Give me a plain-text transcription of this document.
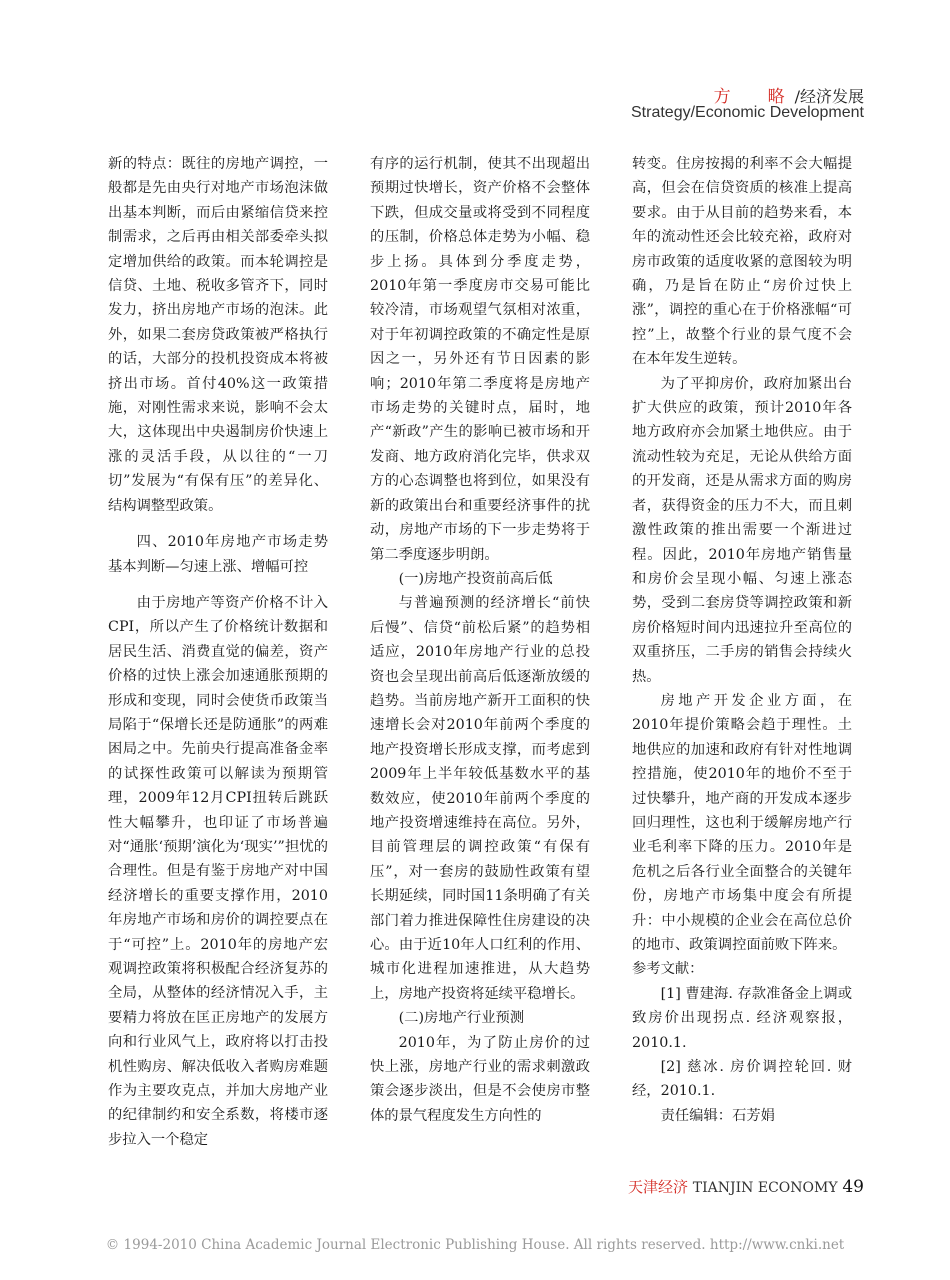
方　略/经济发展
Strategy/Economic Development

新的特点：既往的房地产调控，一般都是先由央行对地产市场泡沫做出基本判断，而后由紧缩信贷来控制需求，之后再由相关部委牵头拟定增加供给的政策。而本轮调控是信贷、土地、税收多管齐下，同时发力，挤出房地产市场的泡沫。此外，如果二套房贷政策被严格执行的话，大部分的投机投资成本将被挤出市场。首付40%这一政策措施，对刚性需求来说，影响不会太大，这体现出中央遏制房价快速上涨的灵活手段，从以往的“一刀切”发展为“有保有压”的差异化、结构调整型政策。

四、2010年房地产市场走势基本判断—匀速上涨、增幅可控

由于房地产等资产价格不计入CPI，所以产生了价格统计数据和居民生活、消费直觉的偏差，资产价格的过快上涨会加速通胀预期的形成和变现，同时会使货币政策当局陷于“保增长还是防通胀”的两难困局之中。先前央行提高准备金率的试探性政策可以解读为预期管理，2009年12月CPI扭转后跳跃性大幅攀升，也印证了市场普遍对“通胀‘预期’演化为‘现实’”担忧的合理性。但是有鉴于房地产对中国经济增长的重要支撑作用，2010年房地产市场和房价的调控要点在于“可控”上。2010年的房地产宏观调控政策将积极配合经济复苏的全局，从整体的经济情况入手，主要精力将放在匡正房地产的发展方向和行业风气上，政府将以打击投机性购房、解决低收入者购房难题作为主要攻克点，并加大房地产业的纪律制约和安全系数，将楼市逐步拉入一个稳定

有序的运行机制，使其不出现超出预期过快增长，资产价格不会整体下跌，但成交量或将受到不同程度的压制，价格总体走势为小幅、稳步上扬。具体到分季度走势，2010年第一季度房市交易可能比较冷清，市场观望气氛相对浓重，对于年初调控政策的不确定性是原因之一，另外还有节日因素的影响；2010年第二季度将是房地产市场走势的关键时点，届时，地产“新政”产生的影响已被市场和开发商、地方政府消化完毕，供求双方的心态调整也将到位，如果没有新的政策出台和重要经济事件的扰动，房地产市场的下一步走势将于第二季度逐步明朗。

(一)房地产投资前高后低

与普遍预测的经济增长“前快后慢”、信贷“前松后紧”的趋势相适应，2010年房地产行业的总投资也会呈现出前高后低逐渐放缓的趋势。当前房地产新开工面积的快速增长会对2010年前两个季度的地产投资增长形成支撑，而考虑到2009年上半年较低基数水平的基数效应，使2010年前两个季度的地产投资增速维持在高位。另外，目前管理层的调控政策“有保有压”，对一套房的鼓励性政策有望长期延续，同时国11条明确了有关部门着力推进保障性住房建设的决心。由于近10年人口红利的作用、城市化进程加速推进，从大趋势上，房地产投资将延续平稳增长。

(二)房地产行业预测

2010年，为了防止房价的过快上涨，房地产行业的需求刺激政策会逐步淡出，但是不会使房市整体的景气程度发生方向性的

转变。住房按揭的利率不会大幅提高，但会在信贷资质的核准上提高要求。由于从目前的趋势来看，本年的流动性还会比较充裕，政府对房市政策的适度收紧的意图较为明确，乃是旨在防止“房价过快上涨”，调控的重心在于价格涨幅“可控”上，故整个行业的景气度不会在本年发生逆转。

为了平抑房价，政府加紧出台扩大供应的政策，预计2010年各地方政府亦会加紧土地供应。由于流动性较为充足，无论从供给方面的开发商，还是从需求方面的购房者，获得资金的压力不大，而且刺激性政策的推出需要一个渐进过程。因此，2010年房地产销售量和房价会呈现小幅、匀速上涨态势，受到二套房贷等调控政策和新房价格短时间内迅速拉升至高位的双重挤压，二手房的销售会持续火热。

房地产开发企业方面，在2010年提价策略会趋于理性。土地供应的加速和政府有针对性地调控措施，使2010年的地价不至于过快攀升，地产商的开发成本逐步回归理性，这也利于缓解房地产行业毛利率下降的压力。2010年是危机之后各行业全面整合的关键年份，房地产市场集中度会有所提升：中小规模的企业会在高位总价的地市、政策调控面前败下阵来。

参考文献：

[1] 曹建海. 存款准备金上调或致房价出现拐点. 经济观察报，2010.1.

[2] 慈冰. 房价调控轮回. 财经，2010.1.

责任编辑：石芳娟

天津经济 TIANJIN ECONOMY 49
© 1994-2010 China Academic Journal Electronic Publishing House. All rights reserved. http://www.cnki.net
